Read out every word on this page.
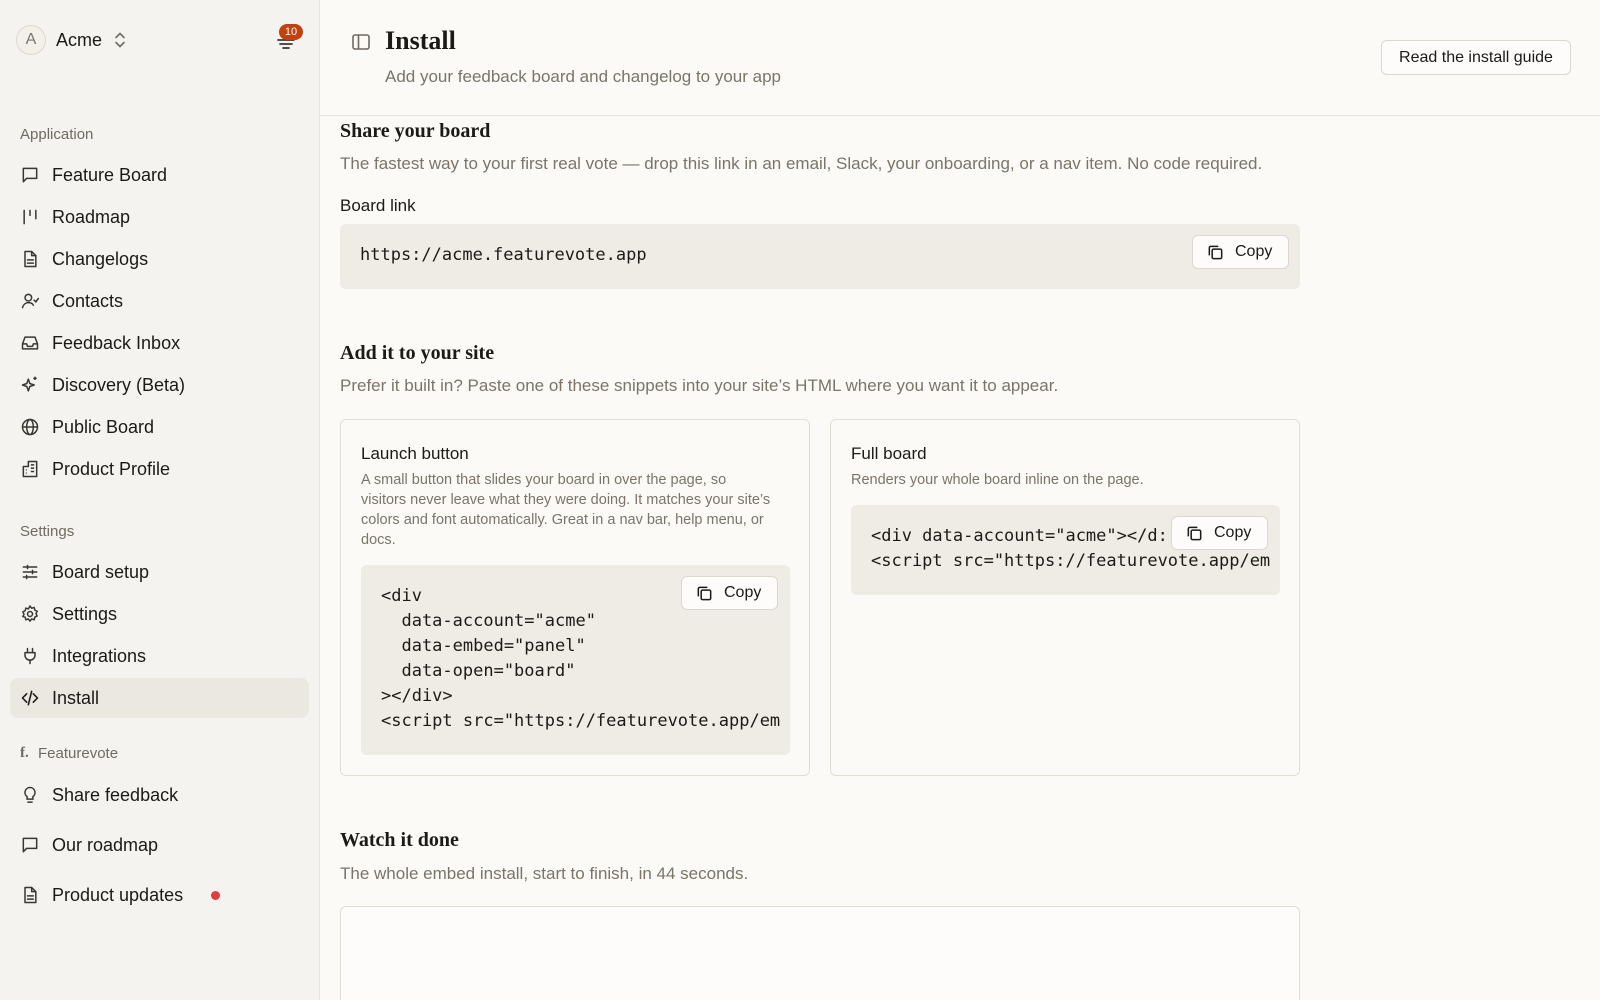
A	Acme	10
Application
Feature Board
Roadmap
Changelogs
Contacts
Feedback Inbox
Discovery (Beta)
Public Board
Product Profile
Settings
Board setup
Settings
Integrations
Install
f. Featurevote
Share feedback
Our roadmap
Product updates
Install
Add your feedback board and changelog to your app
Read the install guide
Share your board
The fastest way to your first real vote — drop this link in an email, Slack, your onboarding, or a nav item. No code required.
Board link
https://acme.featurevote.app	Copy
Add it to your site
Prefer it built in? Paste one of these snippets into your site’s HTML where you want it to appear.
Launch button
A small button that slides your board in over the page, so visitors never leave what they were doing. It matches your site’s colors and font automatically. Great in a nav bar, help menu, or docs.
<div
data-account="acme"
data-embed="panel"
data-open="board"
></div>
<script src="https://featurevote.app/em
Copy
Full board
Renders your whole board inline on the page.
<div data-account="acme"></d:
<script src="https://featurevote.app/em
Copy
Watch it done
The whole embed install, start to finish, in 44 seconds.
